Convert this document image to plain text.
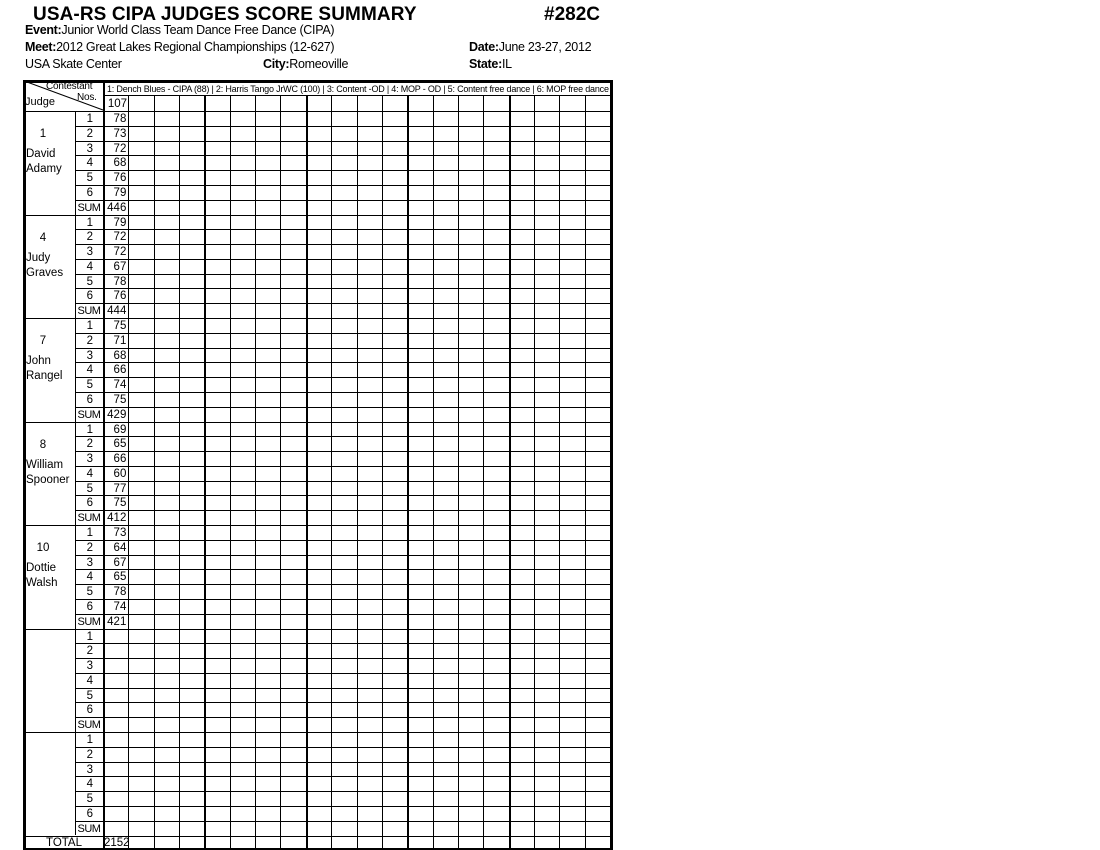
USA-RS CIPA JUDGES SCORE SUMMARY	#282C
Event:Junior World Class Team Dance Free Dance (CIPA)
Meet:2012 Great Lakes Regional Championships (12-627)	Date:June 23-27, 2012
USA Skate Center	City:Romeoville	State:IL
Contestant
Nos.
Judge
1: Dench Blues - CIPA (88) | 2: Harris Tango JrWC (100) | 3: Content -OD | 4: MOP - OD | 5: Content free dance | 6: MOP free dance |
107
1
David
Adamy
1	78
2	73
3	72
4	68
5	76
6	79
SUM 446
4
Judy
Graves
1	79
2	72
3	72
4	67
5	78
6	76
SUM 444
7
John
Rangel
1	75
2	71
3	68
4	66
5	74
6	75
SUM 429
8
William
Spooner
1	69
2	65
3	66
4	60
5	77
6	75
SUM 412
10
Dottie
Walsh
1	73
2	64
3	67
4	65
5	78
6	74
SUM 421
1
2
3
4
5
6
SUM
1
2
3
4
5
6
SUM
TOTAL	2152
